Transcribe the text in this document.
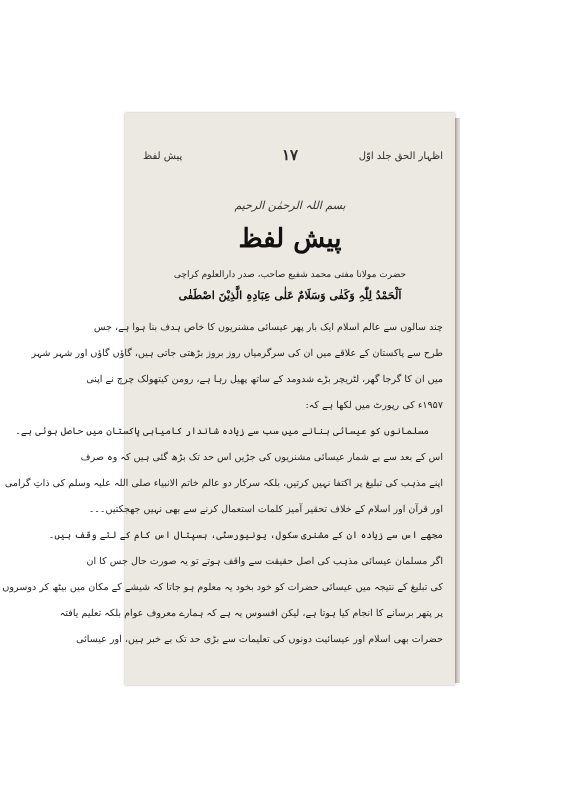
پیش لفظ	۱۷	اظہار الحق جلد اوّل
بسم اللہ الرحمٰن الرحیم
پیش لفظ
حضرت مولانا مفتی محمد شفیع صاحب، صدر دارالعلوم کراچی
اَلْحَمْدُ لِلّٰہِ وَکَفٰی وَسَلَامٌ عَلٰی عِبَادِہِ الَّذِیْنَ اصْطَفٰی

چند سالوں سے عالم اسلام ایک بار پھر عیسائی مشنریوں کا خاص ہدف بنا ہوا ہے، جس

طرح سے پاکستان کے علاقے میں ان کی سرگرمیاں روز بروز بڑھتی جاتی ہیں، گاؤں گاؤں اور شہر شہر

میں ان کا گرجا گھر، لٹریچر بڑے شدومد کے ساتھ پھیل رہا ہے، رومن کیتھولک چرچ نے اپنی

۱۹۵۷ء کی رپورٹ میں لکھا ہے کہ:

مسلمانوں کو عیسائی بنانے میں سب سے زیادہ شاندار کامیابی پاکستان میں حاصل ہوئی ہے۔

اس کے بعد سے بے شمار عیسائی مشنریوں کی جڑیں اس حد تک بڑھ گئی ہیں کہ وہ صرف

اپنے مذہب کی تبلیغ پر اکتفا نہیں کرتیں، بلکہ سرکار دو عالم خاتم الانبیاء صلی اللہ علیہ وسلم کی ذاتِ گرامی

اور قرآن اور اسلام کے خلاف تحقیر آمیز کلمات استعمال کرنے سے بھی نہیں جھجکتیں۔۔۔

مجھے اس سے زیادہ ان کے مشنری سکول، یونیورسٹی، ہسپتال اس کام کے لئے وقف ہیں۔

اگر مسلمان عیسائی مذہب کی اصل حقیقت سے واقف ہوتے تو یہ صورت حال جس کا ان

کی تبلیغ کے نتیجہ میں عیسائی حضرات کو خود بخود یہ معلوم ہو جاتا کہ شیشے کے مکان میں بیٹھ کر دوسروں

پر پتھر برسانے کا انجام کیا ہوتا ہے، لیکن افسوس یہ ہے کہ ہمارے معروف عوام بلکہ تعلیم یافتہ

حضرات بھی اسلام اور عیسائیت دونوں کی تعلیمات سے بڑی حد تک بے خبر ہیں، اور عیسائی
